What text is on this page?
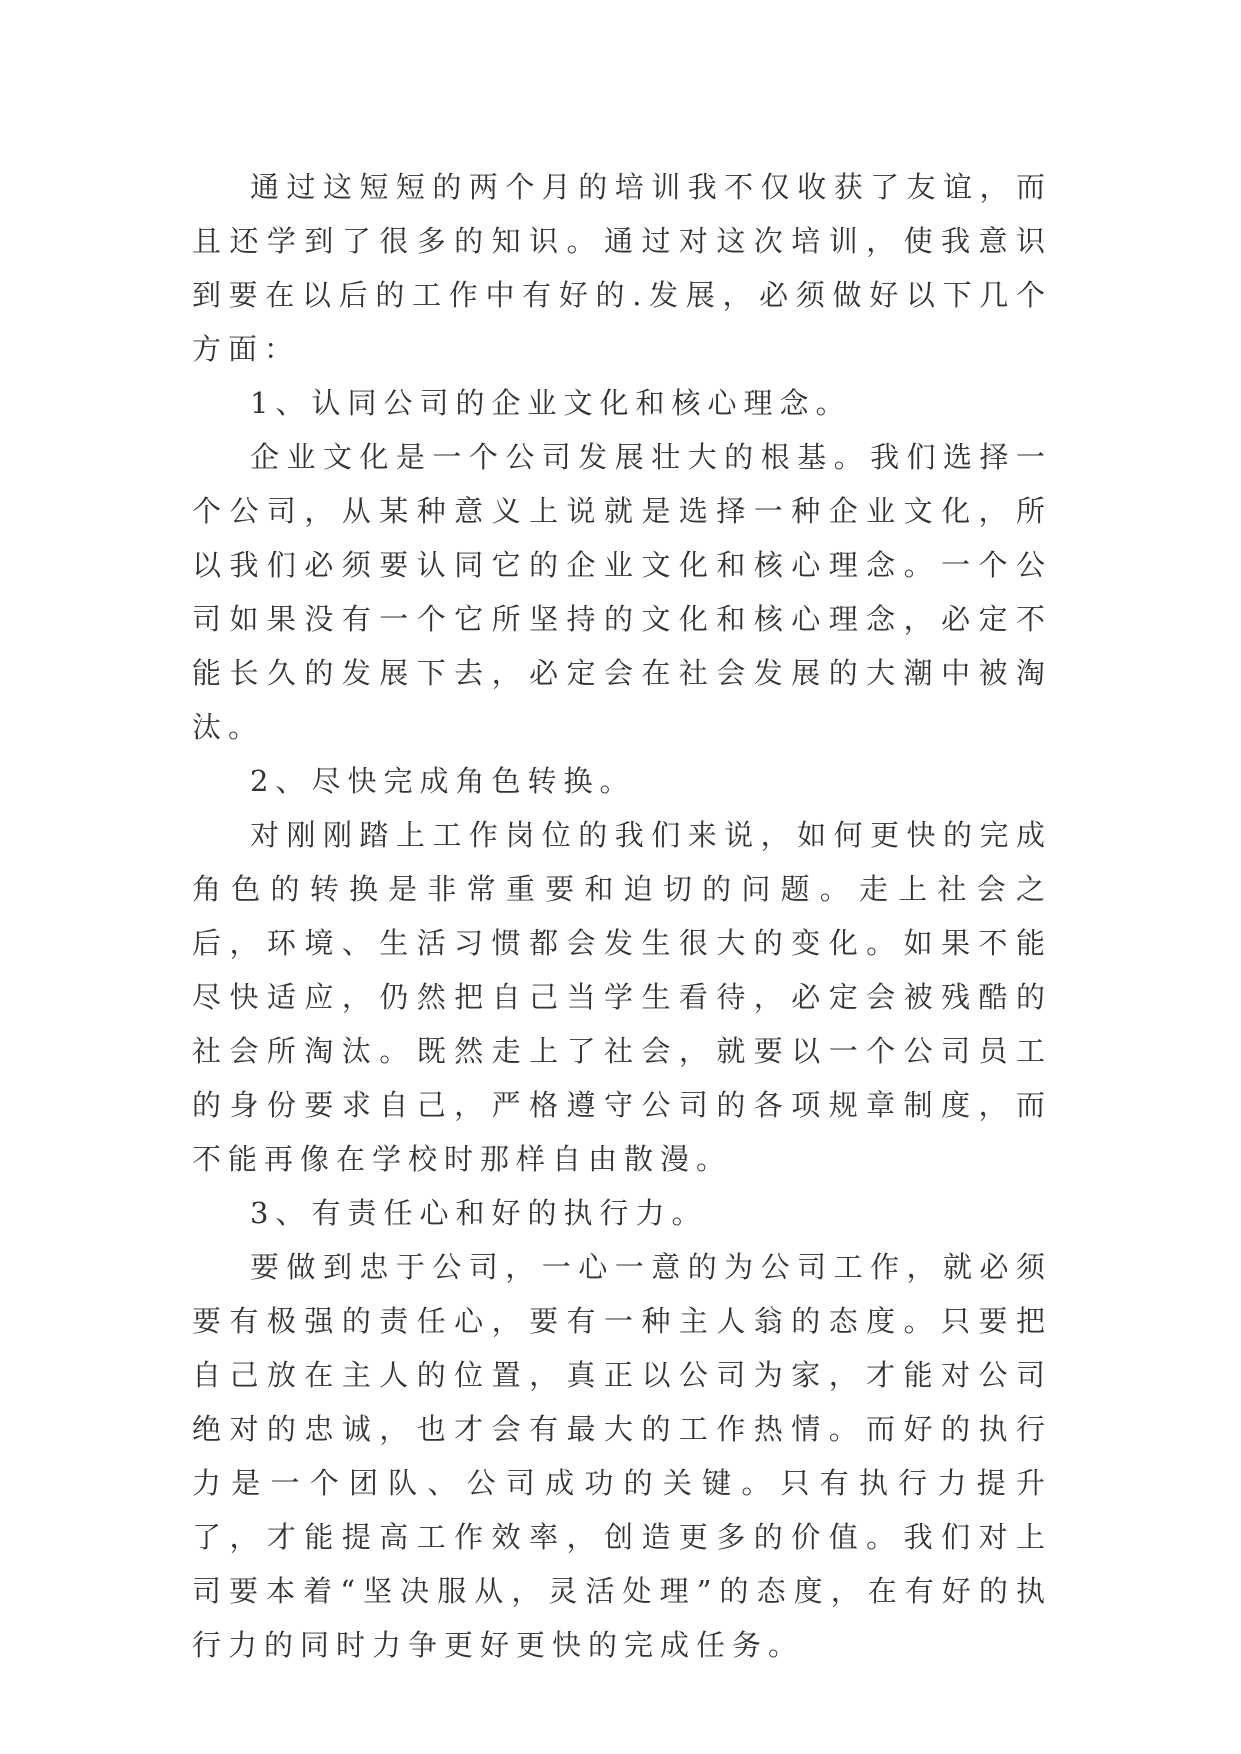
通过这短短的两个月的培训我不仅收获了友谊，而且还学到了很多的知识。通过对这次培训，使我意识到要在以后的工作中有好的.发展，必须做好以下几个方面：

1、认同公司的企业文化和核心理念。

企业文化是一个公司发展壮大的根基。我们选择一个公司，从某种意义上说就是选择一种企业文化，所以我们必须要认同它的企业文化和核心理念。一个公司如果没有一个它所坚持的文化和核心理念，必定不能长久的发展下去，必定会在社会发展的大潮中被淘汰。

2、尽快完成角色转换。

对刚刚踏上工作岗位的我们来说，如何更快的完成角色的转换是非常重要和迫切的问题。走上社会之后，环境、生活习惯都会发生很大的变化。如果不能尽快适应，仍然把自己当学生看待，必定会被残酷的社会所淘汰。既然走上了社会，就要以一个公司员工的身份要求自己，严格遵守公司的各项规章制度，而不能再像在学校时那样自由散漫。

3、有责任心和好的执行力。

要做到忠于公司，一心一意的为公司工作，就必须要有极强的责任心，要有一种主人翁的态度。只要把自己放在主人的位置，真正以公司为家，才能对公司绝对的忠诚，也才会有最大的工作热情。而好的执行力是一个团队、公司成功的关键。只有执行力提升了，才能提高工作效率，创造更多的价值。我们对上司要本着“坚决服从，灵活处理”的态度，在有好的执行力的同时力争更好更快的完成任务。
